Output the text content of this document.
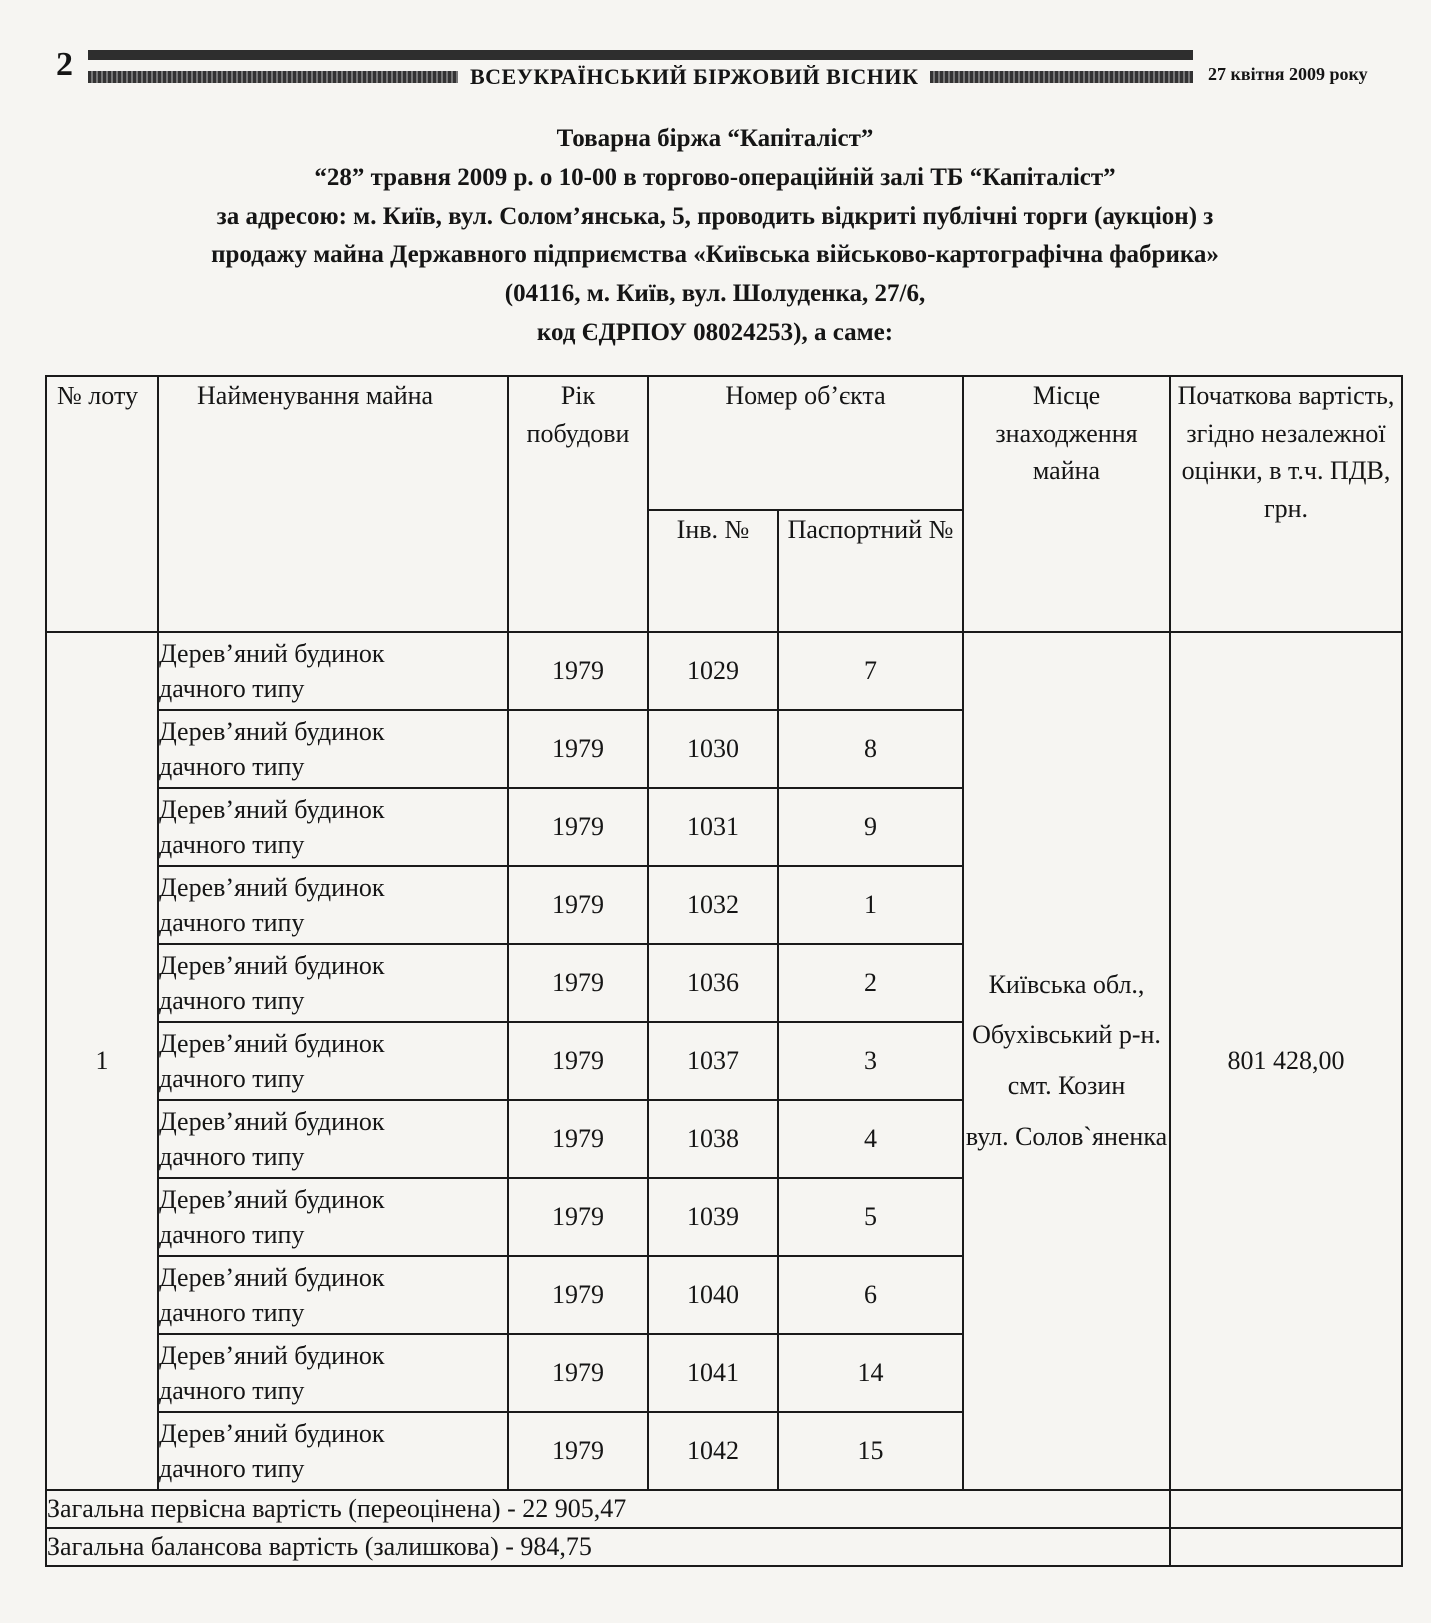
2	ВСЕУКРАЇНСЬКИЙ БІРЖОВИЙ ВІСНИК	27 квітня 2009 року
Товарна біржа “Капіталіст”
“28” травня 2009 р. о 10-00 в торгово-операційній залі ТБ “Капіталіст”
за адресою: м. Київ, вул. Солом’янська, 5, проводить відкриті публічні торги (аукціон) з
продажу майна Державного підприємства «Київська військово-картографічна фабрика»
(04116, м. Київ, вул. Шолуденка, 27/6,
код ЄДРПОУ 08024253), а саме:
№ лоту	Найменування майна	Рік побудови	Номер об’єкта	Місце знаходження майна	Початкова вартість, згідно незалежної оцінки, в т.ч. ПДВ, грн.
Інв. №	Паспортний №
1	Дерев’яний будинок
дачного типу	1979	1029	7	Київська обл.,
Обухівський р-н.
смт. Козин
вул. Солов`яненка	801 428,00
Дерев’яний будинок
дачного типу	1979	1030	8
Дерев’яний будинок
дачного типу	1979	1031	9
Дерев’яний будинок
дачного типу	1979	1032	1
Дерев’яний будинок
дачного типу	1979	1036	2
Дерев’яний будинок
дачного типу	1979	1037	3
Дерев’яний будинок
дачного типу	1979	1038	4
Дерев’яний будинок
дачного типу	1979	1039	5
Дерев’яний будинок
дачного типу	1979	1040	6
Дерев’яний будинок
дачного типу	1979	1041	14
Дерев’яний будинок
дачного типу	1979	1042	15
Загальна первісна вартість (переоцінена) - 22 905,47	
Загальна балансова вартість (залишкова) - 984,75	
